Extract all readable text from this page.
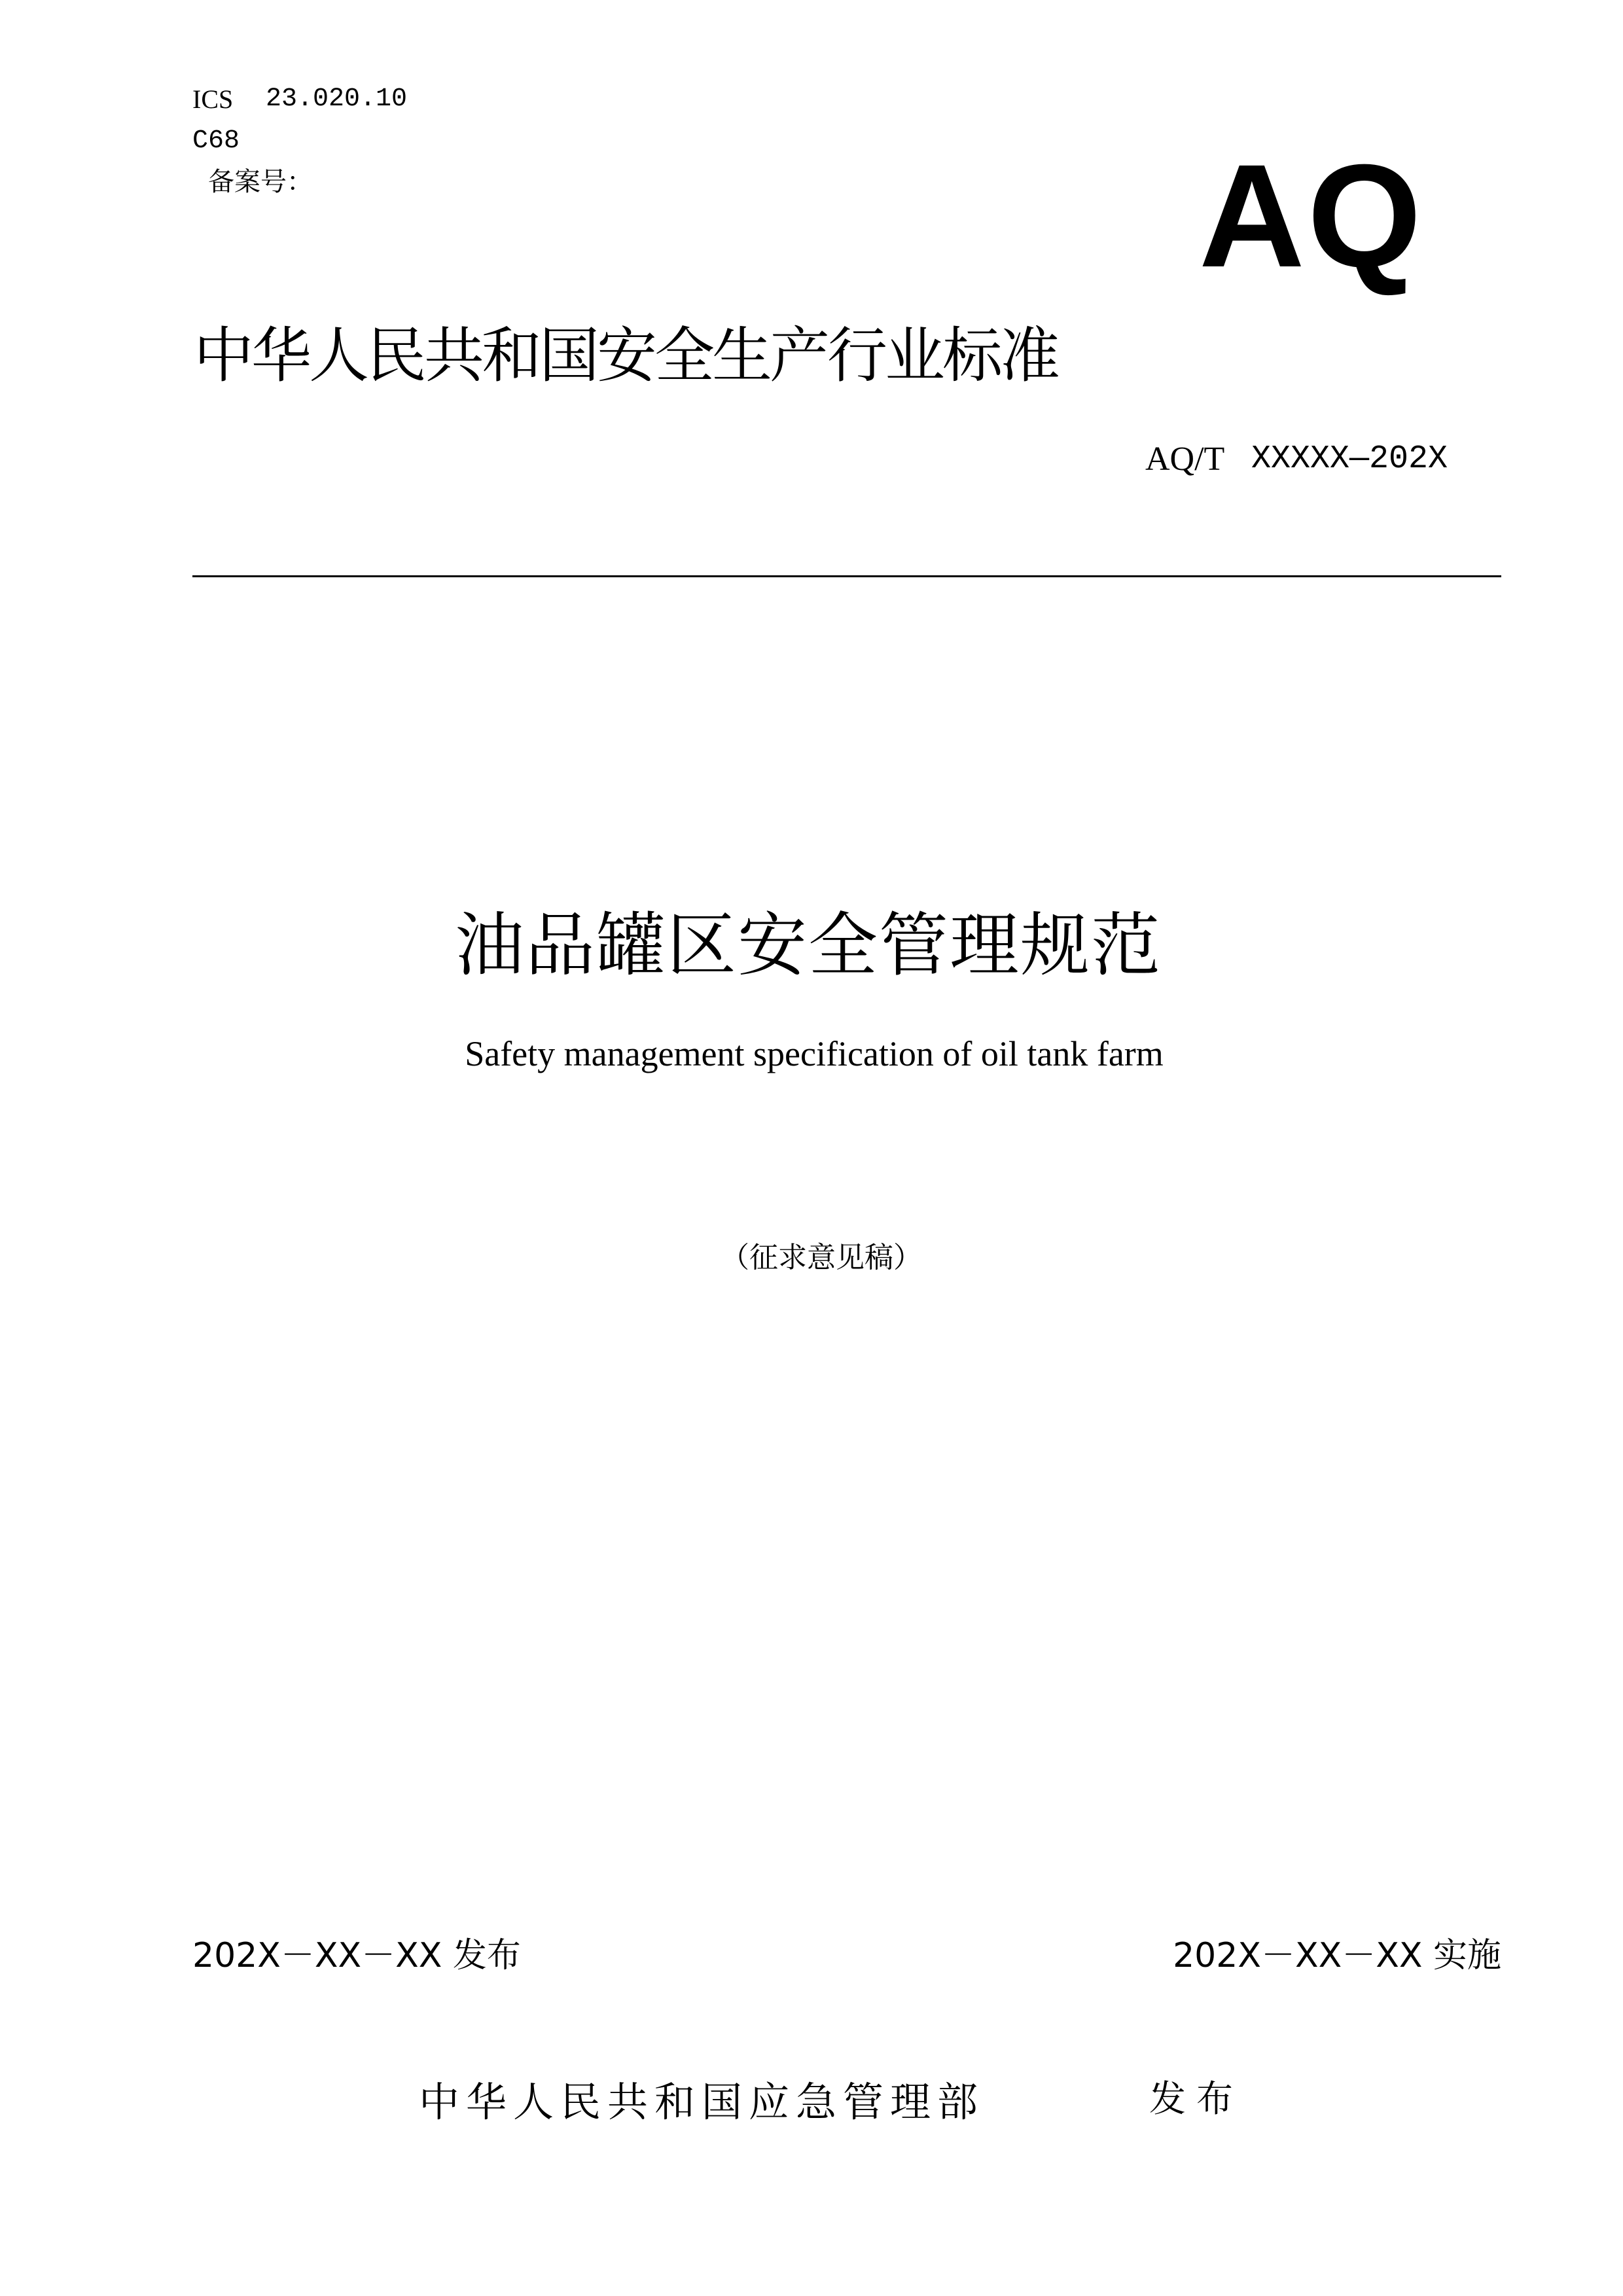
ICS 23.020.10
C68
备案号：	AQ
中华人民共和国安全生产行业标准
AQ/T XXXXX—202X
油品罐区安全管理规范
Safety management specification of oil tank farm
（征求意见稿）
202X－XX－XX 发布	202X－XX－XX 实施
中华人民共和国应急管理部	发布
